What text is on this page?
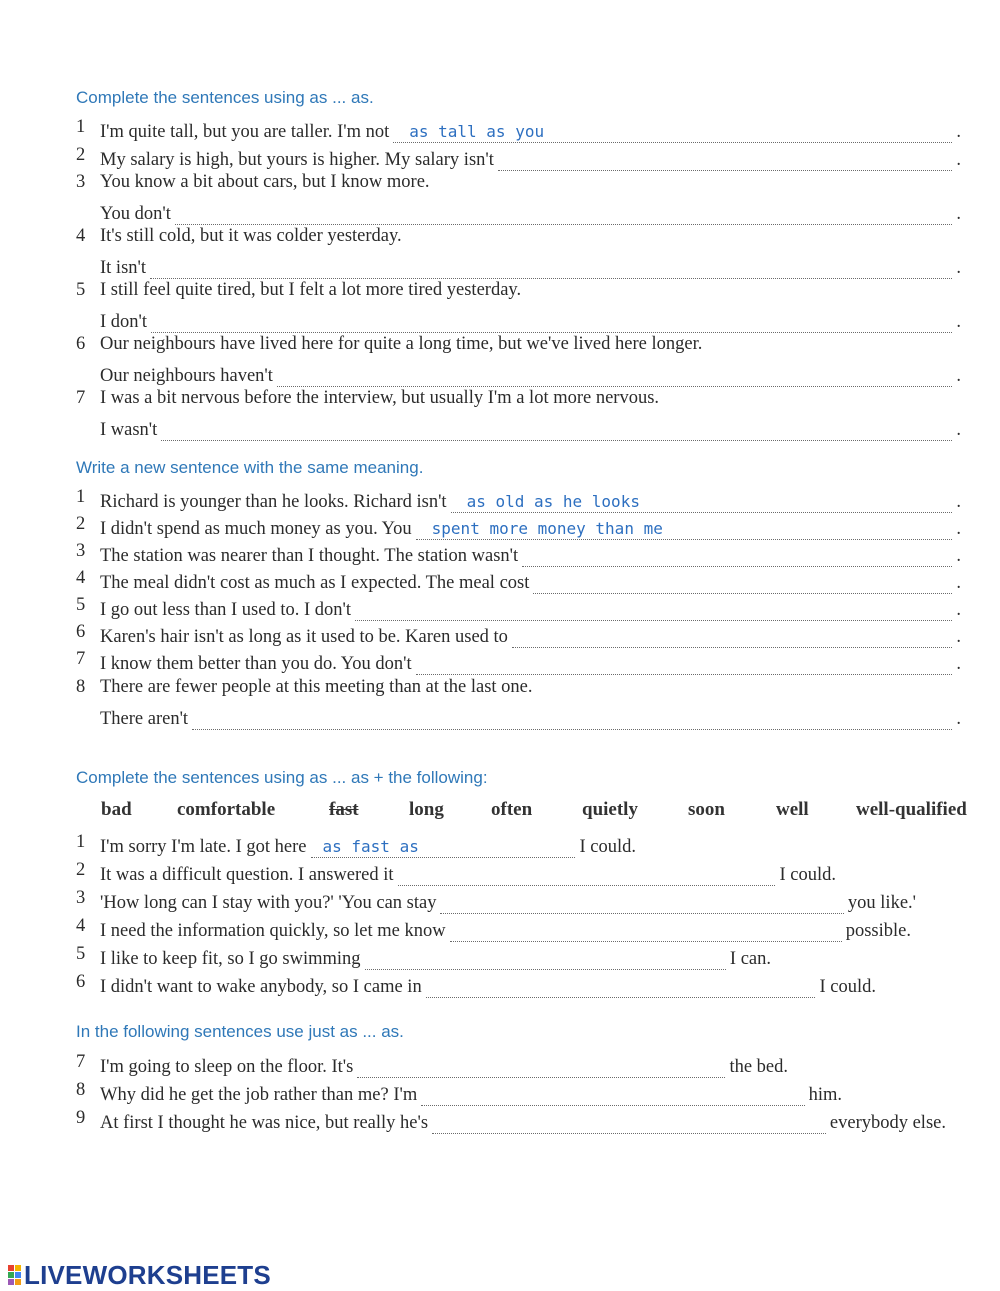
Complete the sentences using as ... as.
1 I'm quite tall, but you are taller. I'm not as tall as you	.
2 My salary is high, but yours is higher. My salary isn't	.
3 You know a bit about cars, but I know more.
You don't	.
4 It's still cold, but it was colder yesterday.
It isn't	.
5 I still feel quite tired, but I felt a lot more tired yesterday.
I don't	.
6 Our neighbours have lived here for quite a long time, but we've lived here longer.
Our neighbours haven't	.
7 I was a bit nervous before the interview, but usually I'm a lot more nervous.
I wasn't	.
Write a new sentence with the same meaning.
1 Richard is younger than he looks. Richard isn't as old as he looks	.
2 I didn't spend as much money as you. You spent more money than me	.
3 The station was nearer than I thought. The station wasn't	.
4 The meal didn't cost as much as I expected. The meal cost	.
5 I go out less than I used to. I don't	.
6 Karen's hair isn't as long as it used to be. Karen used to	.
7 I know them better than you do. You don't	.
8 There are fewer people at this meeting than at the last one.
There aren't	.
Complete the sentences using as ... as + the following:
bad comfortable	fast	long often	quietly	soon	well well-qualified
1 I'm sorry I'm late. I got here as fast as	I could.
2 It was a difficult question. I answered it	I could.
3 'How long can I stay with you?' 'You can stay	you like.'
4 I need the information quickly, so let me know	possible.
5 I like to keep fit, so I go swimming	I can.
6 I didn't want to wake anybody, so I came in	I could.
In the following sentences use just as ... as.
7 I'm going to sleep on the floor. It's	the bed.
8 Why did he get the job rather than me? I'm	him.
9 At first I thought he was nice, but really he's	everybody else.
LIVEWORKSHEETS
